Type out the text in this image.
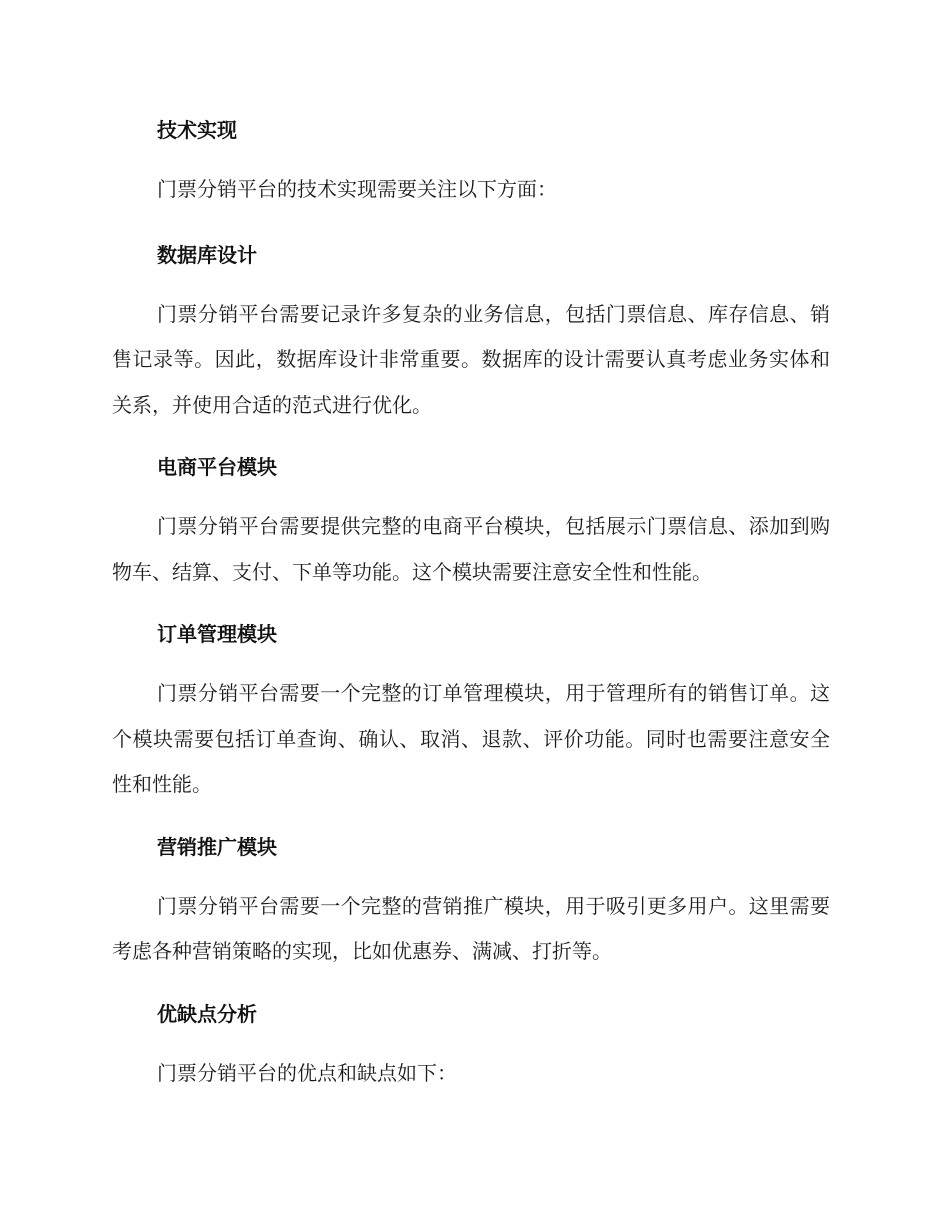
技术实现

门票分销平台的技术实现需要关注以下方面：

数据库设计

门票分销平台需要记录许多复杂的业务信息，包括门票信息、库存信息、销售记录等。因此，数据库设计非常重要。数据库的设计需要认真考虑业务实体和关系，并使用合适的范式进行优化。

电商平台模块

门票分销平台需要提供完整的电商平台模块，包括展示门票信息、添加到购物车、结算、支付、下单等功能。这个模块需要注意安全性和性能。

订单管理模块

门票分销平台需要一个完整的订单管理模块，用于管理所有的销售订单。这个模块需要包括订单查询、确认、取消、退款、评价功能。同时也需要注意安全性和性能。

营销推广模块

门票分销平台需要一个完整的营销推广模块，用于吸引更多用户。这里需要考虑各种营销策略的实现，比如优惠券、满减、打折等。

优缺点分析

门票分销平台的优点和缺点如下：
